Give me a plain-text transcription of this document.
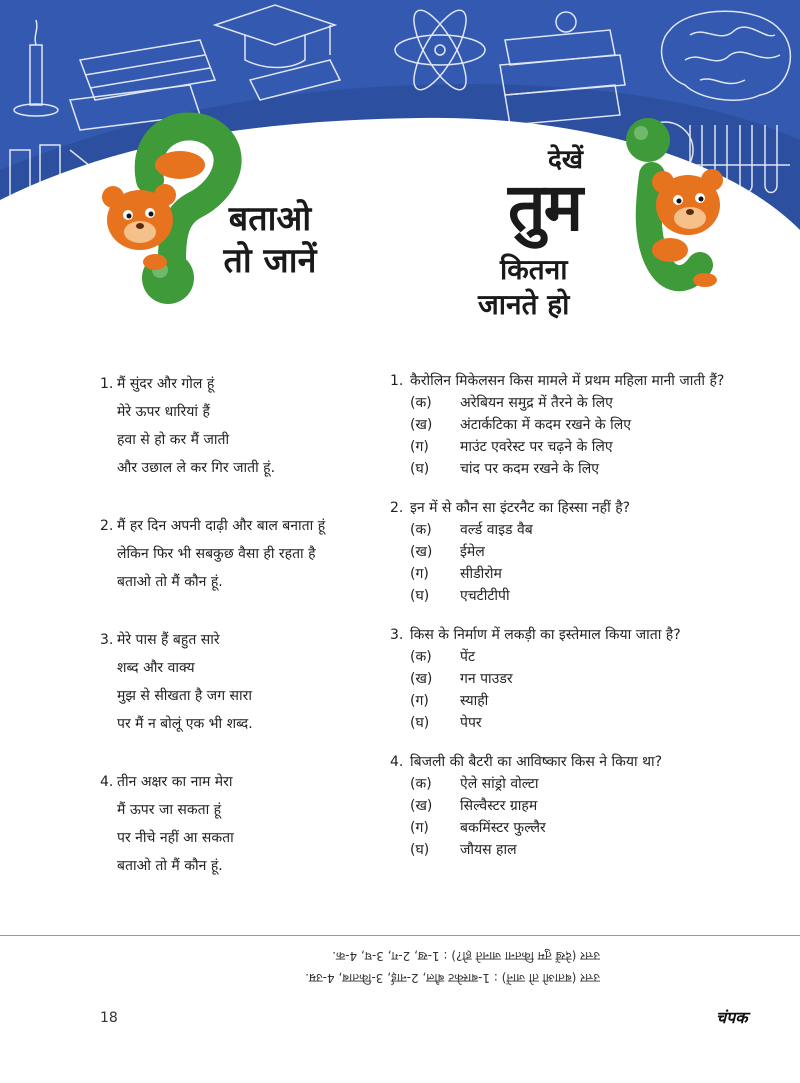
बताओ
तो जानें
देखें
तुम
कितना
जानते हो
1. मैं सुंदर और गोल हूं
मेरे ऊपर धारियां हैं
हवा से हो कर मैं जाती
और उछाल ले कर गिर जाती हूं.
2. मैं हर दिन अपनी दाढ़ी और बाल बनाता हूं
लेकिन फिर भी सबकुछ वैसा ही रहता है
बताओ तो मैं कौन हूं.
3. मेरे पास हैं बहुत सारे
शब्द और वाक्य
मुझ से सीखता है जग सारा
पर मैं न बोलूं एक भी शब्द.
4. तीन अक्षर का नाम मेरा
मैं ऊपर जा सकता हूं
पर नीचे नहीं आ सकता
बताओ तो मैं कौन हूं.
1. कैरोलिन मिकेलसन किस मामले में प्रथम महिला मानी जाती हैं?
(क)	अरेबियन समुद्र में तैरने के लिए
(ख)	अंटार्कटिका में कदम रखने के लिए
(ग)	माउंट एवरेस्ट पर चढ़ने के लिए
(घ)	चांद पर कदम रखने के लिए
2. इन में से कौन सा इंटरनैट का हिस्सा नहीं है?
(क)	वर्ल्ड वाइड वैब
(ख)	ईमेल
(ग)	सीडीरोम
(घ)	एचटीटीपी
3. किस के निर्माण में लकड़ी का इस्तेमाल किया जाता है?
(क)	पेंट
(ख)	गन पाउडर
(ग)	स्याही
(घ)	पेपर
4. बिजली की बैटरी का आविष्कार किस ने किया था?
(क)	ऐले सांड्रो वोल्टा
(ख)	सिल्वैस्टर ग्राहम
(ग)	बकमिंस्टर फुल्लैर
(घ)	जौयस हाल
उत्तर (देखें तुम कितना जानते हो?) : 1-ख, 2-ग, 3-घ, 4-क.
उत्तर (बताओ तो जानें) : 1-बास्केट बौल, 2-नाई, 3-किताब, 4-उम्र.
18	चंपक
